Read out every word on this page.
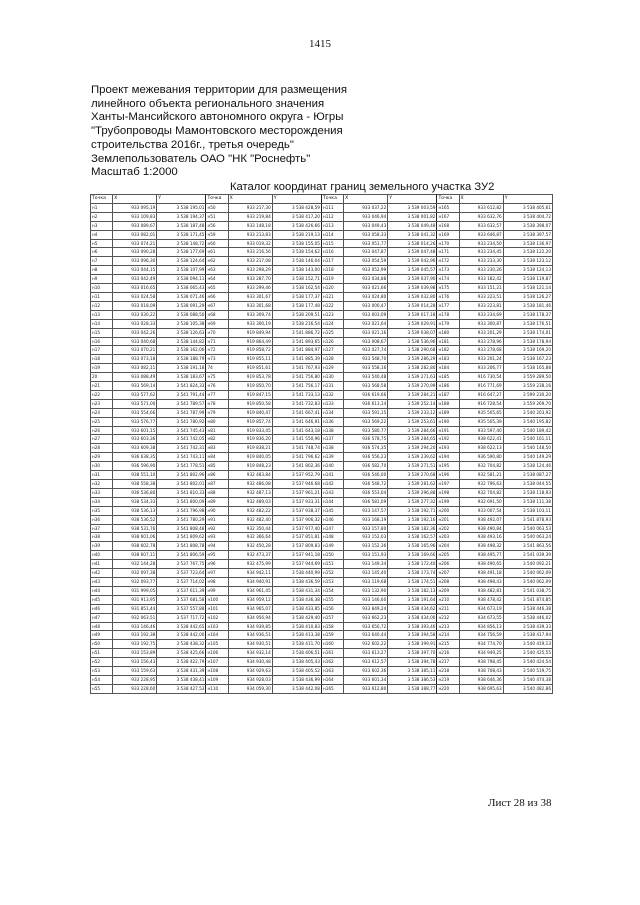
1415
Проект межевания территории для размещения
линейного объекта регионального значения
Ханты-Мансийского автономного округа - Югры
"Трубопроводы Мамонтовского месторождения
строительства 2016г., третья очередь"
Землепользователь ОАО "НК "Роснефть"
Масштаб 1:2000
Каталог координат границ земельного участка ЗУ2
Точка	X	Y	Точка	X	Y	Точка	X	Y	Точка	X	Y
н1	933 095,19	3 538 195,01	н50	933 217,30	3 538 428,59	н111	933 037,22	3 539 003,59	н165	933 612,82	3 538 405,61
н2	933 109,83	3 538 194,37	н51	933 219,84	3 538 417,20	н112	933 046,94	3 538 001,82	н167	933 632,76	3 538 404,72
н3	933 089,67	3 538 187,48	н56	933 148,18	3 538 426,66	н113	933 049,43	3 538 049,48	н168	933 632,57	3 538 398,07
н4	933 082,01	3 538 171,45	н59	933 213,83	3 538 219,13	н114	933 058,33	3 538 041,32	н169	933 646,87	3 538 397,57
н5	933 074,21	3 538 148,72	н60	933 019,32	3 538 155,05	н115	933 051,77	3 538 014,26	н170	933 234,50	3 538 136,97
н6	933 090,28	3 538 177,69	н61	933 216,56	3 538 154,62	н116	933 047,87	3 539 047,48	н171	933 234,45	3 538 122,20
н7	933 096,30	3 538 124,64	н62	933 217,08	3 538 146,04	н117	933 054,59	3 539 042,96	н172	933 233,30	3 538 123,12
н8	933 044,15	3 538 107,99	н63	933 298,29	3 538 143,00	н118	933 052,99	3 539 045,57	н173	933 230,26	3 538 124,13
н9	933 042,49	3 538 094,11	н64	933 287,70	3 538 152,71	н119	933 034,88	3 539 037,90	н174	933 182,42	3 538 119,87
н10	933 016,65	3 538 065,43	н65	933 299,46	3 538 162,54	н120	933 021,66	3 539 039,98	н175	933 151,21	3 538 121,14
н11	933 024,58	3 538 071,46	н66	933 301,67	3 538 177,37	н121	933 024,80	3 539 032,80	н176	933 223,51	3 538 126,27
н12	933 018,09	3 538 091,29	н67	933 301,68	3 538 177,48	н122	933 000,47	3 539 014,28	н177	933 223,81	3 538 181,46
н13	933 030,22	3 538 088,50	н68	933 309,74	3 538 209,51	н123	933 003,09	3 539 017,18	н178	933 234,69	3 538 178,37
н14	933 028,33	3 538 105,38	н69	933 300,19	3 538 216,54	н124	933 021,64	3 539 029,91	н179	933 300,87	3 538 176,51
н15	933 042,26	3 538 126,63	н70	919 849,94	3 541 886,72	н125	933 021,16	3 539 038,07	н180	933 201,29	3 538 174,01
н16	933 040,68	3 538 144,82	н71	919 864,49	3 541 893,65	н126	933 008,67	3 538 536,96	н181	933 278,96	3 538 178,94
н17	933 070,21	3 538 162,06	н72	919 858,72	3 541 884,97	н127	933 027,74	3 538 290,68	н182	933 278,68	3 538 169,20
н18	933 073,18	3 538 188,79	н73	919 855,11	3 541 885,39	н128	933 548,70	3 539 286,29	н183	933 201,24	3 538 167,23
н19	933 082,11	3 538 191,18	74	919 851,61	3 541 767,93	н129	933 558,16	3 538 282,80	н184	933 206,77	3 538 165,88
20	933 088,49	3 538 183,67	н75	919 853,78	3 541 756,80	н130	933 540,48	3 539 271,63	н185	916 730,54	3 559 289,50
н21	933 569,14	3 541 824,33	н76	919 850,70	3 541 756,17	н131	933 568,58	3 539 270,99	н186	916 771,69	3 559 238,16
н22	933 577,62	3 541 791,44	н77	919 847,15	3 541 733,13	н132	936 619,66	3 539 284,21	н187	916 647,27	3 599 230,20
н23	933 571,00	3 541 789,57	н78	919 850,58	3 541 732,83	н133	936 613,14	3 539 252,14	н188	916 728,54	3 559 269,70
н24	933 554,66	3 541 787,99	н79	919 840,47	3 541 667,41	н134	933 591,15	3 539 233,12	н189	935 505,65	3 540 203,92
н25	933 576,77	3 541 780,92	н80	919 857,74	3 541 646,91	н136	933 569,22	3 539 253,61	н190	935 505,39	3 540 195,82
н26	933 601,15	3 541 745,43	н81	919 833,45	3 541 643,18	н138	933 580,77	3 539 284,66	н191	933 597,40	3 540 189,42
н27	933 603,36	3 541 742,05	н82	919 836,20	3 541 550,96	н137	936 578,75	3 539 284,65	н192	938 622,41	3 540 161,11
н28	933 609,38	3 541 742,31	н83	919 838,21	3 541 748,74	н138	936 574,35	3 539 294,20	н193	938 622,13	3 540 148,50
н29	936 638,35	3 541 743,11	н84	919 840,05	3 541 796,62	н139	936 556,23	3 539 239,62	н194	936 590,80	3 540 149,29
н30	936 596,90	3 541 778,51	н85	919 848,23	3 541 802,36	н140	936 582,70	3 539 271,51	н195	932 704,82	3 538 124,46
н31	938 551,10	3 541 802,96	н86	932 483,84	3 537 952,79	н141	936 546,00	3 539 270,68	н196	932 581,21	3 538 087,27
н32	938 558,38	3 541 802,01	н87	932 486,08	3 537 946,68	н142	936 548,72	3 539 281,62	н197	932 796,63	3 538 044,55
н33	936 536,80	3 541 810,33	н88	932 487,13	3 537 961,21	н143	936 553,04	3 539 296,88	н198	932 704,82	3 538 118,93
н34	938 534,33	3 541 800,09	н89	932 489,03	3 537 933,31	н144	936 581,09	3 539 277,32	н199	932 691,50	3 538 111,38
н35	938 536,13	3 541 796,98	н90	932 482,22	3 537 938,37	н145	933 147,57	3 538 192,71	н200	933 007,54	3 538 103,11
н36	938 536,52	3 541 780,29	н91	932 482,40	3 537 906,32	н146	933 168,19	3 538 192,16	н201	938 492,07	3 541 878,93
н37	938 531,76	3 541 808,48	н92	932 350,44	3 537 977,40	н147	933 157,80	3 538 182,36	н202	938 490,84	3 540 063,53
н38	938 601,06	3 541 809,62	н93	932 366,64	3 537 851,81	н148	933 152,03	3 538 162,57	н203	938 493,16	3 540 063,24
н39	938 602,78	3 541 808,78	н94	932 450,28	3 537 809,83	н149	933 152,36	3 538 165,96	н204	938 498,32	3 541 863,56
н40	938 607,11	3 541 806,59	н95	932 473,37	3 537 941,18	н150	933 151,93	3 538 169,66	н205	938 495,77	3 541 039,39
н41	932 144,28	3 537 767,75	н96	932 475,99	3 537 944,69	н151	933 149,34	3 538 172,40	н206	938 490,65	3 540 092,21
н42	932 097,38	3 537 723,64	н97	934 942,11	3 538 440,99	н152	933 145,40	3 538 173,74	н207	938 491,18	3 540 062,09
н43	932 093,77	3 537 714,02	н98	934 940,91	3 538 436,59	н153	933 119,68	3 538 174,51	н208	938 498,43	3 540 062,09
н44	931 999,05	3 537 611,39	н99	934 961,45	3 538 431,34	н154	933 132,90	3 538 182,13	н209	938 482,81	3 541 038,75
н45	931 913,95	3 537 681,58	н100	934 959,12	3 538 436,38	н155	933 146,60	3 538 191,64	н210	938 478,42	3 541 874,85
н46	931 851,44	3 537 557,88	н101	934 965,07	3 538 433,85	н156	933 849,24	3 538 434,62	н211	934 673,19	3 538 446,38
н47	932 063,51	3 537 717,72	н102	934 956,94	3 538 429,40	н157	933 662,23	3 538 434,00	н212	934 673,55	3 538 446,02
н48	933 146,46	3 538 442,65	н103	934 939,85	3 538 410,83	н158	933 650,72	3 538 393,46	н213	934 856,13	3 538 439,33
н49	933 192,38	3 538 442,00	н104	934 936,51	3 538 413,38	н159	933 640,44	3 538 394,58	н214	934 756,59	3 538 417,94
н50	933 192,75	3 538 438,32	н105	934 930,51	3 538 411,70	н160	932 602,22	3 538 399,91	н215	934 774,70	3 540 419,13
н51	933 153,89	3 538 425,66	н106	934 932,14	3 538 406,51	н161	933 613,27	3 538 397,70	н216	934 949,25	3 540 425,55
н52	933 156,43	3 538 422,79	н107	934 930,48	3 538 405,43	н162	933 612,57	3 538 394,78	н217	938 798,45	3 540 424,54
н53	933 159,63	3 538 431,39	н108	934 929,63	3 538 405,52	н163	933 602,36	3 538 385,11	н218	938 708,43	3 540 519,75
н54	933 228,95	3 538 438,41	н109	934 928,03	3 538 436,99	н164	933 601,34	3 538 386,53	н219	938 646,36	3 540 474,38
н55	933 228,60	3 538 427,53	н110	934 059,30	3 538 442,08	н165	933 612,80	3 538 388,77	н220	938 695,63	3 540 482,86
Лист 28 из 38
